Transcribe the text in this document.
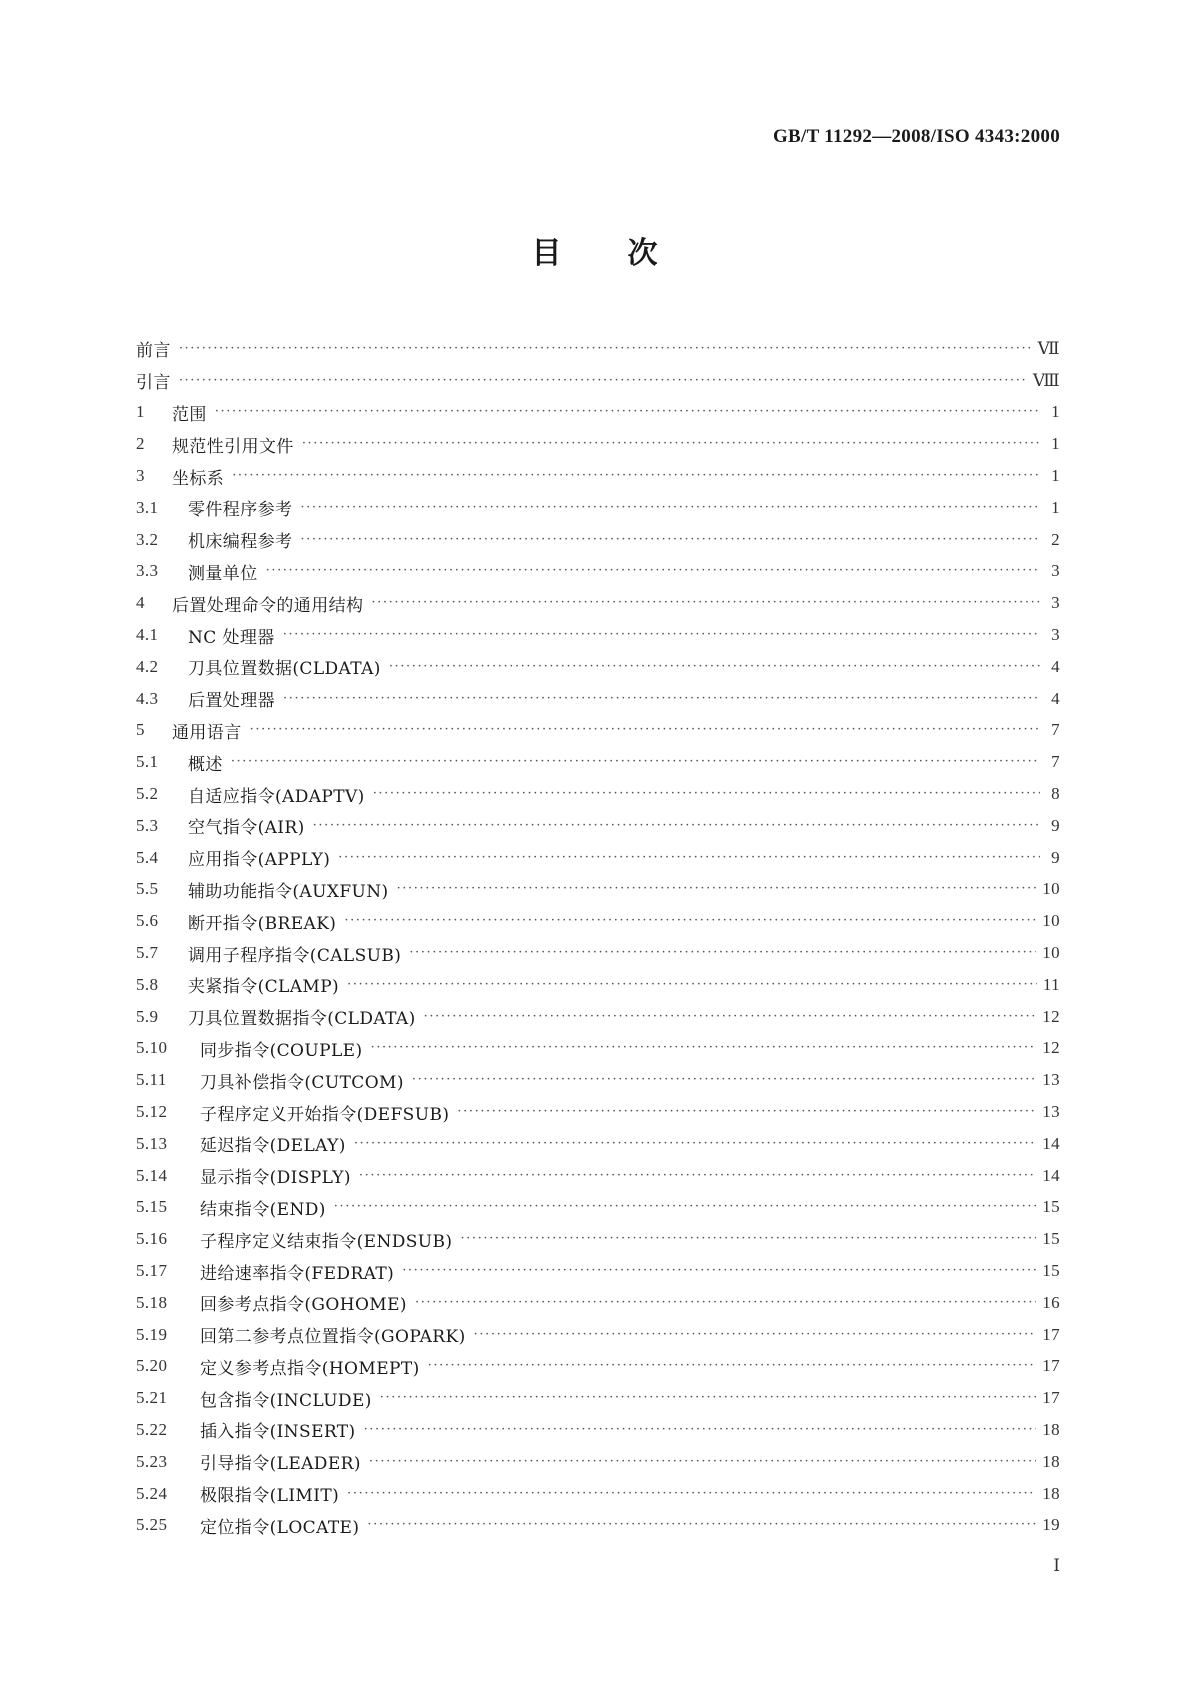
GB/T 11292—2008/ISO 4343:2000
目　　次
前言 ·····	Ⅶ
引言 ·····	Ⅷ
1	范围 ·····	1
2	规范性引用文件 ·····	1
3	坐标系 ·····	1
3.1	零件程序参考 ·····	1
3.2	机床编程参考 ·····	2
3.3	测量单位 ·····	3
4	后置处理命令的通用结构 ·····	3
4.1	NC 处理器 ·····	3
4.2	刀具位置数据(CLDATA) ·····	4
4.3	后置处理器 ·····	4
5	通用语言 ·····	7
5.1	概述 ·····	7
5.2	自适应指令(ADAPTV) ·····	8
5.3	空气指令(AIR) ·····	9
5.4	应用指令(APPLY) ·····	9
5.5	辅助功能指令(AUXFUN) ·····	10
5.6	断开指令(BREAK) ·····	10
5.7	调用子程序指令(CALSUB) ·····	10
5.8	夹紧指令(CLAMP) ·····	11
5.9	刀具位置数据指令(CLDATA) ·····	12
5.10	同步指令(COUPLE) ·····	12
5.11	刀具补偿指令(CUTCOM) ·····	13
5.12	子程序定义开始指令(DEFSUB) ·····	13
5.13	延迟指令(DELAY) ·····	14
5.14	显示指令(DISPLY) ·····	14
5.15	结束指令(END) ·····	15
5.16	子程序定义结束指令(ENDSUB) ·····	15
5.17	进给速率指令(FEDRAT) ·····	15
5.18	回参考点指令(GOHOME) ·····	16
5.19	回第二参考点位置指令(GOPARK) ·····	17
5.20	定义参考点指令(HOMEPT) ·····	17
5.21	包含指令(INCLUDE) ·····	17
5.22	插入指令(INSERT) ·····	18
5.23	引导指令(LEADER) ·····	18
5.24	极限指令(LIMIT) ·····	18
5.25	定位指令(LOCATE) ·····	19
Ⅰ
